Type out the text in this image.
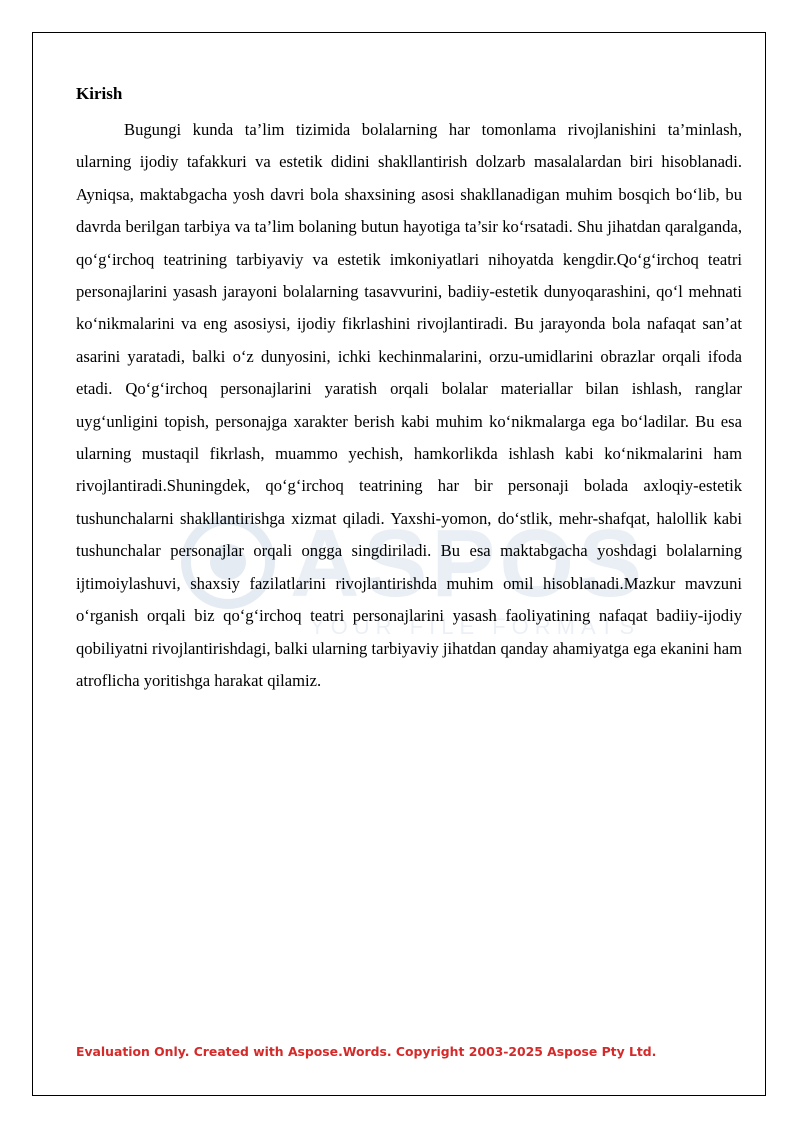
ASPOS
YOUR FILE FORMATS
Kirish

Bugungi kunda ta’lim tizimida bolalarning har tomonlama rivojlanishini ta’minlash, ularning ijodiy tafakkuri va estetik didini shakllantirish dolzarb masalalardan biri hisoblanadi. Ayniqsa, maktabgacha yosh davri bola shaxsining asosi shakllanadigan muhim bosqich bo‘lib, bu davrda berilgan tarbiya va ta’lim bolaning butun hayotiga ta’sir ko‘rsatadi. Shu jihatdan qaralganda, qo‘g‘irchoq teatrining tarbiyaviy va estetik imkoniyatlari nihoyatda kengdir.Qo‘g‘irchoq teatri personajlarini yasash jarayoni bolalarning tasavvurini, badiiy-estetik dunyoqarashini, qo‘l mehnati ko‘nikmalarini va eng asosiysi, ijodiy fikrlashini rivojlantiradi. Bu jarayonda bola nafaqat san’at asarini yaratadi, balki o‘z dunyosini, ichki kechinmalarini, orzu-umidlarini obrazlar orqali ifoda etadi. Qo‘g‘irchoq personajlarini yaratish orqali bolalar materiallar bilan ishlash, ranglar uyg‘unligini topish, personajga xarakter berish kabi muhim ko‘nikmalarga ega bo‘ladilar. Bu esa ularning mustaqil fikrlash, muammo yechish, hamkorlikda ishlash kabi ko‘nikmalarini ham rivojlantiradi.Shuningdek, qo‘g‘irchoq teatrining har bir personaji bolada axloqiy-estetik tushunchalarni shakllantirishga xizmat qiladi. Yaxshi-yomon, do‘stlik, mehr-shafqat, halollik kabi tushunchalar personajlar orqali ongga singdiriladi. Bu esa maktabgacha yoshdagi bolalarning ijtimoiylashuvi, shaxsiy fazilatlarini rivojlantirishda muhim omil hisoblanadi.Mazkur mavzuni o‘rganish orqali biz qo‘g‘irchoq teatri personajlarini yasash faoliyatining nafaqat badiiy-ijodiy qobiliyatni rivojlantirishdagi, balki ularning tarbiyaviy jihatdan qanday ahamiyatga ega ekanini ham atroflicha yoritishga harakat qilamiz.

Evaluation Only. Created with Aspose.Words. Copyright 2003-2025 Aspose Pty Ltd.
